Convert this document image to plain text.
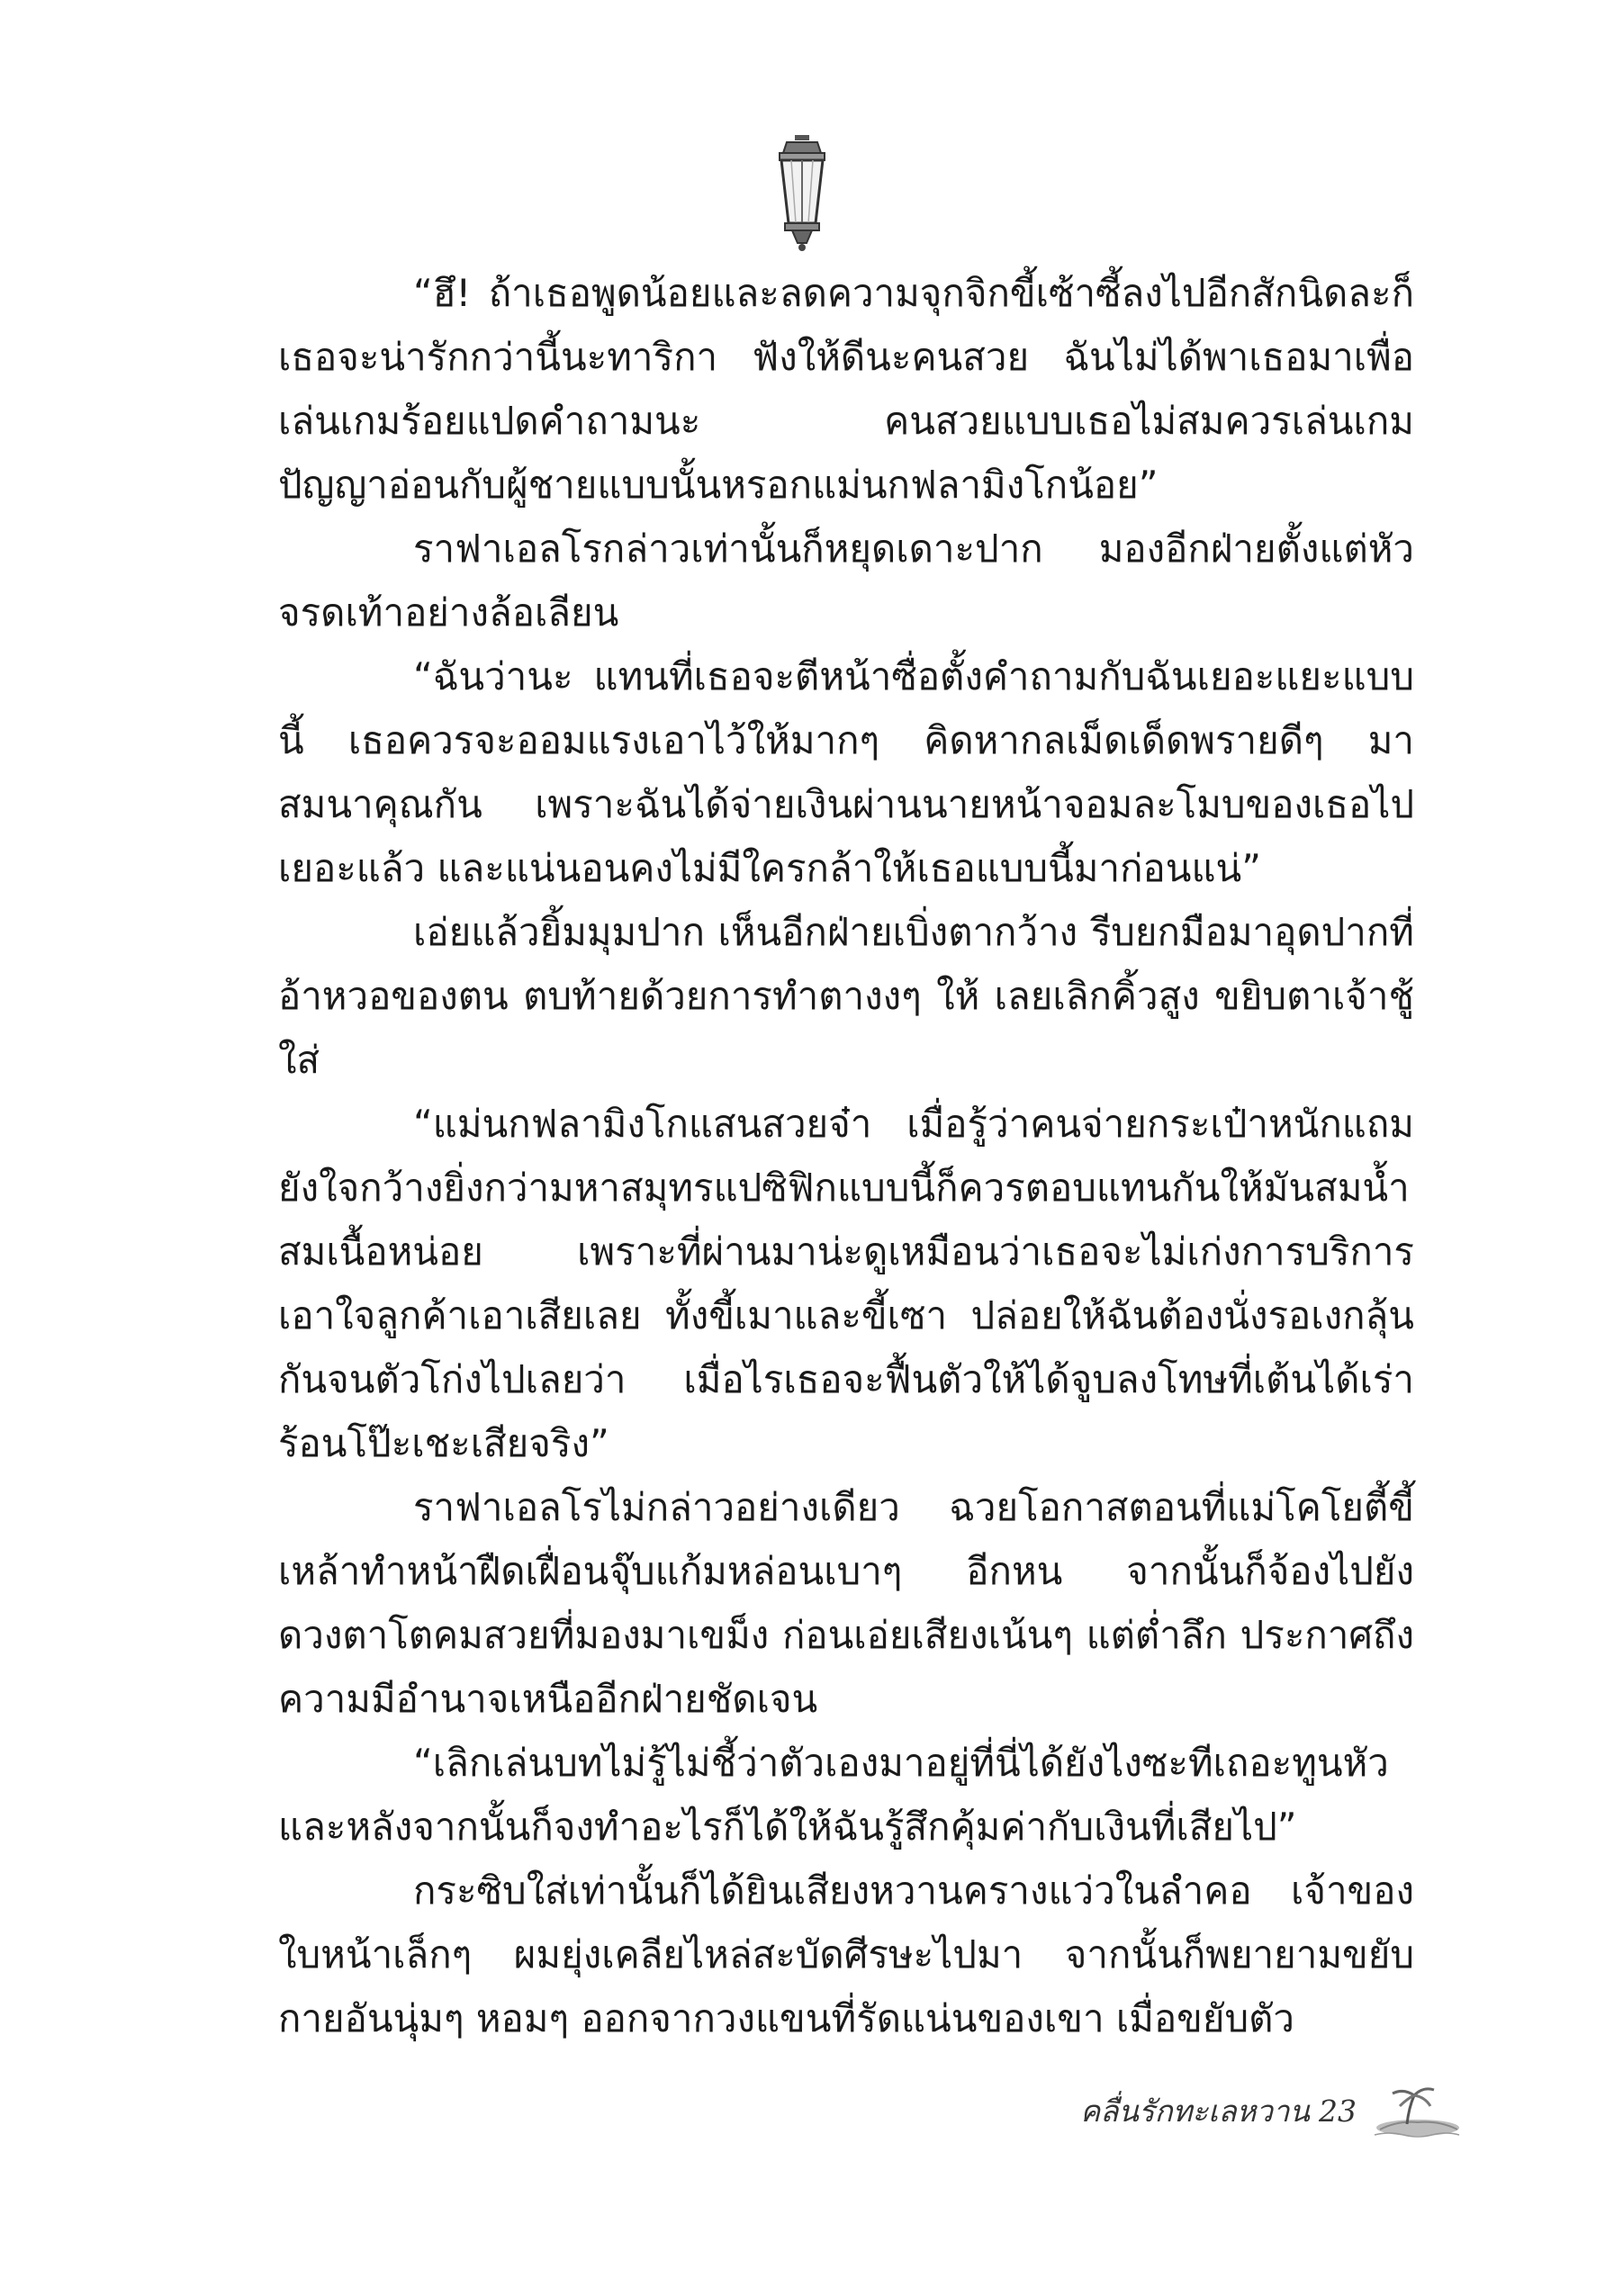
“ฮึ! ถ้าเธอพูดน้อยและลดความจุกจิกขี้เซ้าซี้ลงไปอีกสักนิดละก็ เธอจะน่ารักกว่านี้นะทาริกา ฟังให้ดีนะคนสวย ฉันไม่ได้พาเธอมาเพื่อเล่นเกมร้อยแปดคำถามนะ คนสวยแบบเธอไม่สมควรเล่นเกมปัญญาอ่อนกับผู้ชายแบบนั้นหรอกแม่นกฟลามิงโกน้อย”

ราฟาเอลโรกล่าวเท่านั้นก็หยุดเดาะปาก มองอีกฝ่ายตั้งแต่หัวจรดเท้าอย่างล้อเลียน

“ฉันว่านะ แทนที่เธอจะตีหน้าซื่อตั้งคำถามกับฉันเยอะแยะแบบนี้ เธอควรจะออมแรงเอาไว้ให้มากๆ คิดหากลเม็ดเด็ดพรายดีๆ มาสมนาคุณกัน เพราะฉันได้จ่ายเงินผ่านนายหน้าจอมละโมบของเธอไปเยอะแล้ว และแน่นอนคงไม่มีใครกล้าให้เธอแบบนี้มาก่อนแน่”

เอ่ยแล้วยิ้มมุมปาก เห็นอีกฝ่ายเบิ่งตากว้าง รีบยกมือมาอุดปากที่อ้าหวอของตน ตบท้ายด้วยการทำตางงๆ ให้ เลยเลิกคิ้วสูง ขยิบตาเจ้าชู้ใส่

“แม่นกฟลามิงโกแสนสวยจ๋า เมื่อรู้ว่าคนจ่ายกระเป๋าหนักแถมยังใจกว้างยิ่งกว่ามหาสมุทรแปซิฟิกแบบนี้ก็ควรตอบแทนกันให้มันสมน้ำสมเนื้อหน่อย เพราะที่ผ่านมาน่ะดูเหมือนว่าเธอจะไม่เก่งการบริการเอาใจลูกค้าเอาเสียเลย ทั้งขี้เมาและขี้เซา ปล่อยให้ฉันต้องนั่งรอเงกลุ้นกันจนตัวโก่งไปเลยว่า เมื่อไรเธอจะฟื้นตัวให้ได้จูบลงโทษที่เต้นได้เร่าร้อนโป๊ะเชะเสียจริง”

ราฟาเอลโรไม่กล่าวอย่างเดียว ฉวยโอกาสตอนที่แม่โคโยตี้ขี้เหล้าทำหน้าฝืดเฝื่อนจุ๊บแก้มหล่อนเบาๆ อีกหน จากนั้นก็จ้องไปยังดวงตาโตคมสวยที่มองมาเขม็ง ก่อนเอ่ยเสียงเน้นๆ แต่ต่ำลึก ประกาศถึงความมีอำนาจเหนืออีกฝ่ายชัดเจน

“เลิกเล่นบทไม่รู้ไม่ชี้ว่าตัวเองมาอยู่ที่นี่ได้ยังไงซะทีเถอะทูนหัว และหลังจากนั้นก็จงทำอะไรก็ได้ให้ฉันรู้สึกคุ้มค่ากับเงินที่เสียไป”

กระซิบใส่เท่านั้นก็ได้ยินเสียงหวานครางแว่วในลำคอ เจ้าของใบหน้าเล็กๆ ผมยุ่งเคลียไหล่สะบัดศีรษะไปมา จากนั้นก็พยายามขยับกายอันนุ่มๆ หอมๆ ออกจากวงแขนที่รัดแน่นของเขา เมื่อขยับตัว

คลื่นรักทะเลหวาน 23
